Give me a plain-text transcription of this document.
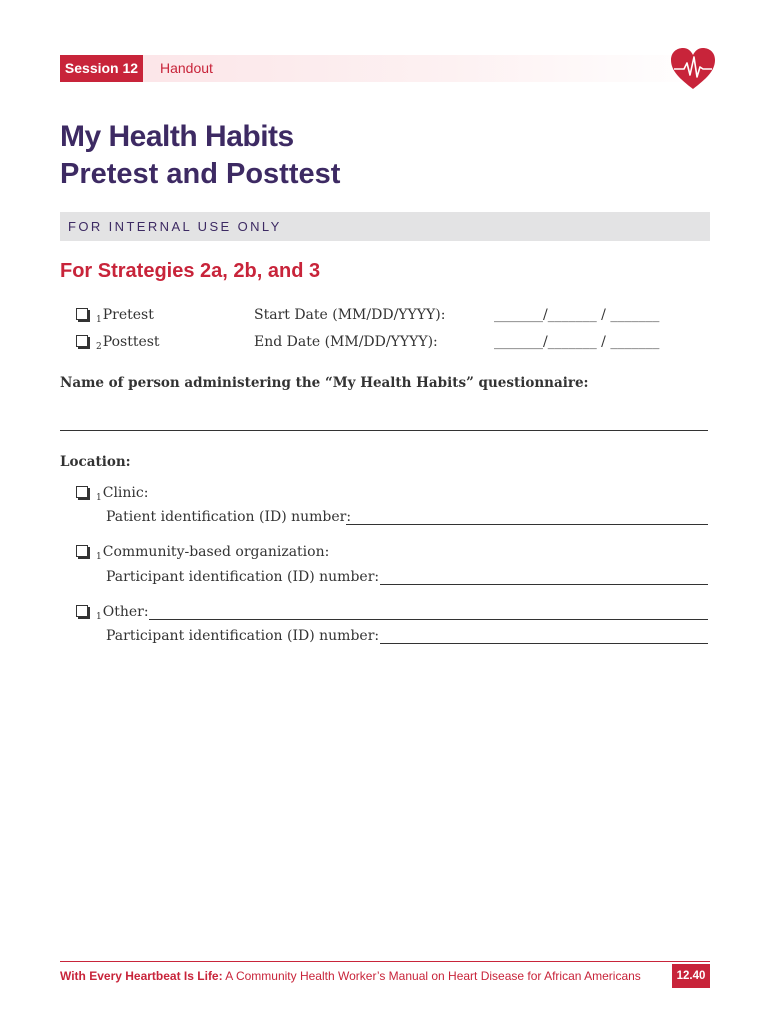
Session 12	Handout
My Health Habits
Pretest and Posttest
FOR INTERNAL USE ONLY
For Strategies 2a, 2b, and 3
$_1$Pretest	Start Date (MM/DD/YYYY):	_______/_______ / _______
$_2$Posttest	End Date (MM/DD/YYYY):	_______/_______ / _______
Name of person administering the “My Health Habits” questionnaire:
Location:
$_1$Clinic:
Patient identification (ID) number:
$_1$Community-based organization:
Participant identification (ID) number:
$_1$Other:
Participant identification (ID) number:
With Every Heartbeat Is Life: A Community Health Worker’s Manual on Heart Disease for African Americans	12.40
